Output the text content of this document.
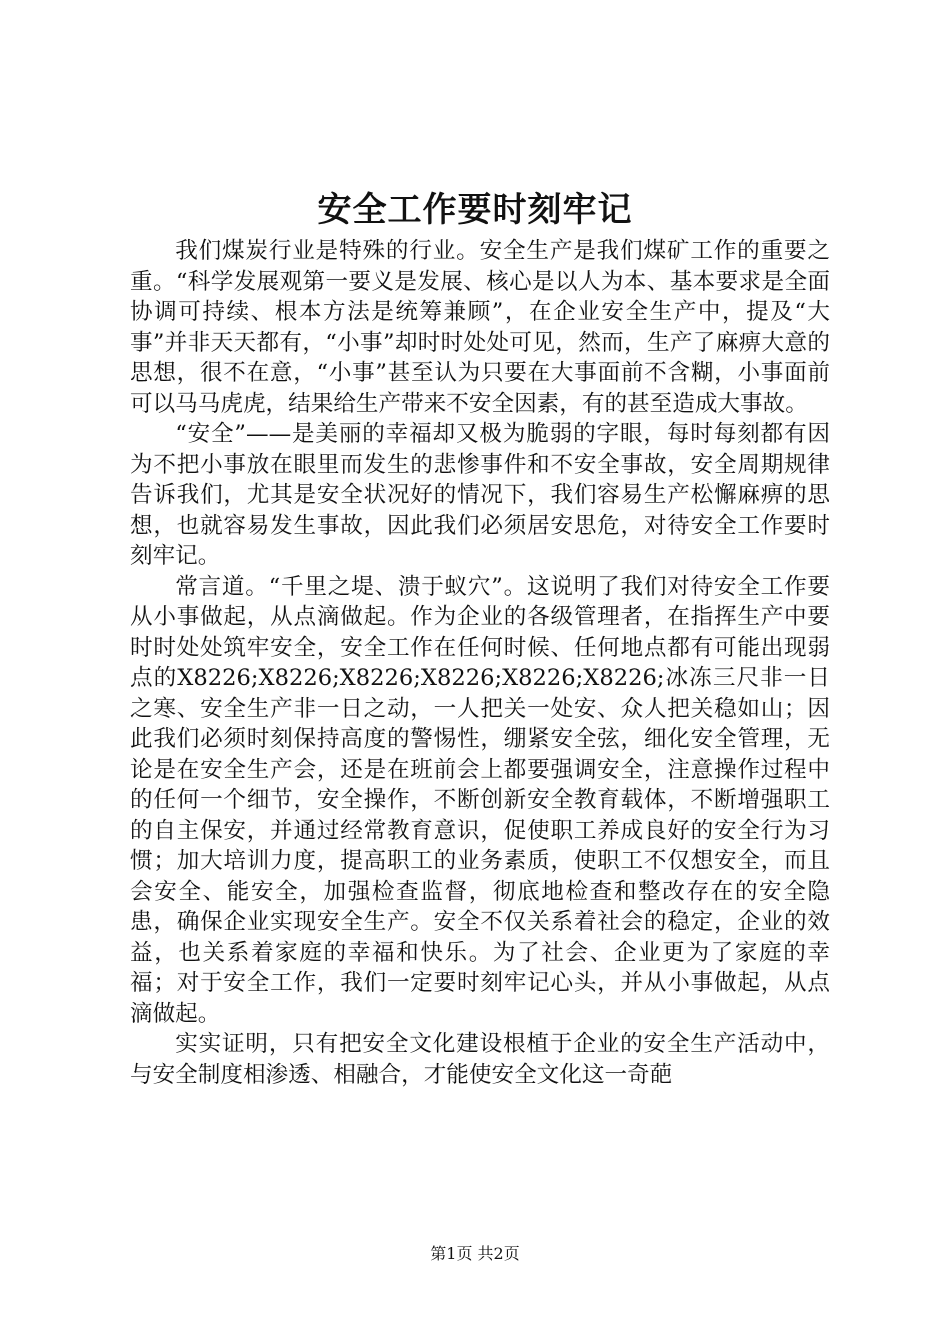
安全工作要时刻牢记

我们煤炭行业是特殊的行业。安全生产是我们煤矿工作的重要之重。“科学发展观第一要义是发展、核心是以人为本、基本要求是全面协调可持续、根本方法是统筹兼顾”，在企业安全生产中，提及“大事”并非天天都有，“小事”却时时处处可见，然而，生产了麻痹大意的思想，很不在意，“小事”甚至认为只要在大事面前不含糊，小事面前可以马马虎虎，结果给生产带来不安全因素，有的甚至造成大事故。

“安全”——是美丽的幸福却又极为脆弱的字眼，每时每刻都有因为不把小事放在眼里而发生的悲惨事件和不安全事故，安全周期规律告诉我们，尤其是安全状况好的情况下，我们容易生产松懈麻痹的思想，也就容易发生事故，因此我们必须居安思危，对待安全工作要时刻牢记。

常言道。“千里之堤、溃于蚁穴”。这说明了我们对待安全工作要从小事做起，从点滴做起。作为企业的各级管理者，在指挥生产中要时时处处筑牢安全，安全工作在任何时候、任何地点都有可能出现弱点的X8226;X8226;X8226;X8226;X8226;X8226;冰冻三尺非一日之寒、安全生产非一日之动，一人把关一处安、众人把关稳如山；因此我们必须时刻保持高度的警惕性，绷紧安全弦，细化安全管理，无论是在安全生产会，还是在班前会上都要强调安全，注意操作过程中的任何一个细节，安全操作，不断创新安全教育载体，不断增强职工的自主保安，并通过经常教育意识，促使职工养成良好的安全行为习惯；加大培训力度，提高职工的业务素质，使职工不仅想安全，而且会安全、能安全，加强检查监督，彻底地检查和整改存在的安全隐患，确保企业实现安全生产。安全不仅关系着社会的稳定，企业的效益，也关系着家庭的幸福和快乐。为了社会、企业更为了家庭的幸福；对于安全工作，我们一定要时刻牢记心头，并从小事做起，从点滴做起。

实实证明，只有把安全文化建设根植于企业的安全生产活动中，与安全制度相渗透、相融合，才能使安全文化这一奇葩

第1页 共2页
